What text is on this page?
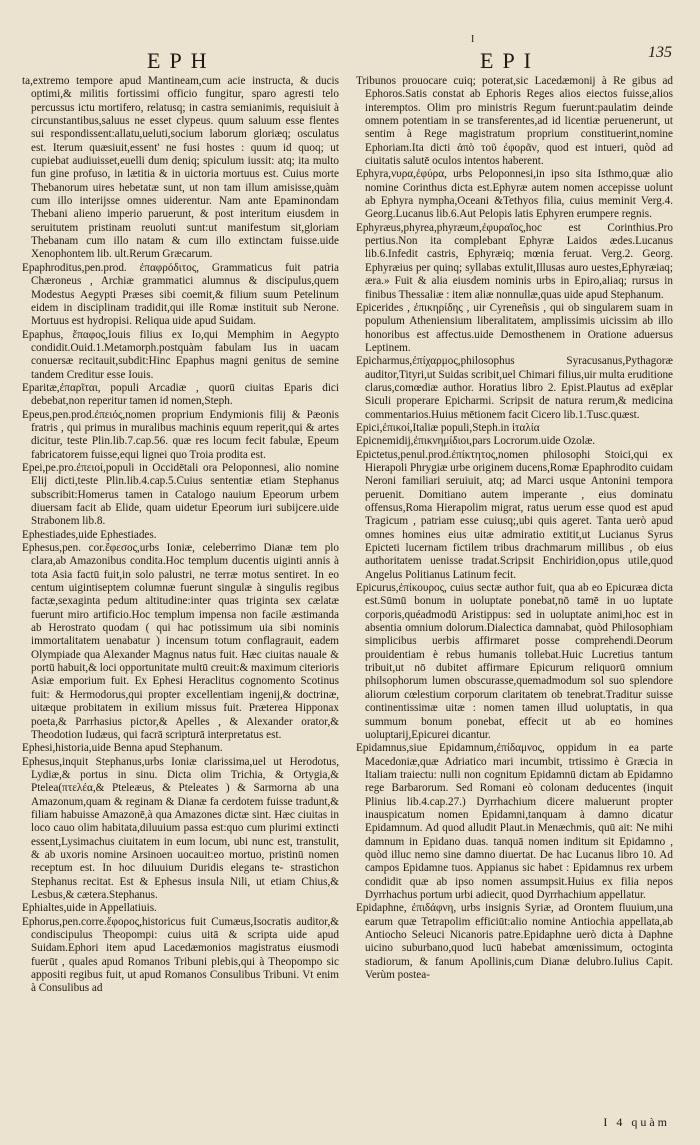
I
EPH	EPI	135

ta,extremo tempore apud Mantineam,cum acie instructa, & ducis optimi,& militis fortissimi officio fungitur, sparo agresti telo percussus ictu mortifero, relatusq; in castra semianimis, requisiuit à circunstantibus,saluus ne esset clypeus. quum saluum esse flentes sui respondissent:allatu,ueluti,socium laborum gloriæq; osculatus est. Iterum quæsiuit,essent' ne fusi hostes : quum id quoq; ut cupiebat audiuisset,euelli dum deniq; spiculum iussit: atq; ita multo fun gine profuso, in lætitia & in uictoria mortuus est. Cuius morte Thebanorum uires hebetatæ sunt, ut non tam illum amisisse,quàm cum illo interijsse omnes uiderentur. Nam ante Epaminondam Thebani alieno imperio paruerunt, & post interitum eiusdem in seruitutem pristinam reuoluti sunt:ut manifestum sit,gloriam Thebanam cum illo natam & cum illo extinctam fuisse.uide Xenophontem lib. ult.Rerum Græcarum.

Epaphroditus,pen.prod. ἐπαφρόδιτος, Grammaticus fuit patria Chæroneus , Archiæ grammatici alumnus & discipulus,quem Modestus Aegypti Præses sibi coemit,& filium suum Petelinum eidem in disciplinam tradidit,qui ille Romæ instituit sub Nerone. Mortuus est hydropisi. Reliqua uide apud Suidam.

Epaphus, ἔπαφος,Iouis filius ex Io,qui Memphim in Aegypto condidit.Ouid.1.Metamorph.postquàm fabulam Ius in uacam conuersæ recitauit,subdit:Hinc Epaphus magni genitus de semine tandem Creditur esse Iouis.

Eparitæ,ἐπαρῖται, populi Arcadiæ , quorū ciuitas Eparis dici debebat,non reperitur tamen id nomen,Steph.

Epeus,pen.prod.ἐπειός,nomen proprium Endymionis filij & Pæonis fratris , qui primus in muralibus machinis equum reperit,qui & artes dicitur, teste Plin.lib.7.cap.56. quæ res locum fecit fabulæ, Epeum fabricatorem fuisse,equi lignei quo Troia prodita est.

Epei,pe.pro.ἐπειοί,populi in Occidētali ora Peloponnesi, alio nomine Elij dicti,teste Plin.lib.4.cap.5.Cuius sententiæ etiam Stephanus subscribit:Homerus tamen in Catalogo nauium Epeorum urbem diuersam facit ab Elide, quam uidetur Epeorum iuri subijcere.uide Strabonem lib.8.

Ephestiades,uide Ephestiades.

Ephesus,pen. cor.ἔφεσος,urbs Ioniæ, celeberrimo Dianæ tem plo clara,ab Amazonibus condita.Hoc templum ducentis uiginti annis à tota Asia factū fuit,in solo palustri, ne terræ motus sentiret. In eo centum uigintiseptem columnæ fuerunt singulæ à singulis regibus factæ,sexaginta pedum altitudine:inter quas triginta sex cælatæ fuerunt miro artificio.Hoc templum impensa non facile æstimanda ab Herostrato quodam ( qui hac potissimum uia sibi nominis immortalitatem uenabatur ) incensum totum conflagrauit, eadem Olympiade qua Alexander Magnus natus fuit. Hæc ciuitas nauale & portū habuit,& loci opportunitate multū creuit:& maximum citerioris Asiæ emporium fuit. Ex Ephesi Heraclitus cognomento Scotinus fuit: & Hermodorus,qui propter excellentiam ingenij,& doctrinæ, uitæque probitatem in exilium missus fuit. Præterea Hipponax poeta,& Parrhasius pictor,& Apelles , & Alexander orator,& Theodotion Iudæus, qui facrā scripturā interpretatus est.

Ephesi,historia,uide Benna apud Stephanum.

Ephesus,inquit Stephanus,urbs Ioniæ clarissima,uel ut Herodotus, Lydiæ,& portus in sinu. Dicta olim Trichia, & Ortygia,& Ptelea(πτελέα,& Pteleæus, & Pteleates ) & Sarmorna ab una Amazonum,quam & reginam & Dianæ fa cerdotem fuisse tradunt,& filiam habuisse Amazonē,à qua Amazones dictæ sint. Hæc ciuitas in loco cauo olim habitata,diluuium passa est:quo cum plurimi extincti essent,Lysimachus ciuitatem in eum locum, ubi nunc est, transtulit, & ab uxoris nomine Arsinoen uocauit:eo mortuo, pristinū nomen receptum est. In hoc diluuium Duridis elegans te- strastichon Stephanus recitat. Est & Ephesus insula Nili, ut etiam Chius,& Lesbus,& cætera.Stephanus.

Ephialtes,uide in Appellatiuis.

Ephorus,pen.corre.ἔφορος,historicus fuit Cumæus,Isocratis auditor,& condiscipulus Theopompi: cuius uitā & scripta uide apud Suidam.Ephori item apud Lacedæmonios magistratus eiusmodi fuerūt , quales apud Romanos Tribuni plebis,qui à Theopompo sic appositi regibus fuit, ut apud Romanos Consulibus Tribuni. Vt enim à Consulibus ad

Tribunos prouocare cuiq; poterat,sic Lacedæmonij à Re gibus ad Ephoros.Satis constat ab Ephoris Reges alios eiectos fuisse,alios interemptos. Olim pro ministris Regum fuerunt:paulatim deinde omnem potentiam in se transferentes,ad id licentiæ peruenerunt, ut sentim à Rege magistratum proprium constituerint,nomine Ephoriam.Ita dicti ἀπὸ τοῦ ἐφορᾶν, quod est intueri, quòd ad ciuitatis salutē oculos intentos haberent.

Ephyra,νυρα,ἐφύρα, urbs Peloponnesi,in ipso sita Isthmo,quæ alio nomine Corinthus dicta est.Ephyræ autem nomen accepisse uolunt ab Ephyra nympha,Oceani &Tethyos filia, cuius meminit Verg.4. Georg.Lucanus lib.6.Aut Pelopis latis Ephyren erumpere regnis.

Ephyræus,phyrea,phyræum,ἐφυραῖος,hoc est Corinthius.Pro pertius.Non ita complebant Ephyræ Laidos ædes.Lucanus lib.6.Infedit castris, Ephyræiq; mœnia feruat. Verg.2. Georg. Ephyræius per quinq; syllabas extulit,Illusas auro uestes,Ephyræiaq; æra.» Fuit & alia eiusdem nominis urbs in Epiro,aliaq; rursus in finibus Thessaliæ : item aliæ nonnullæ,quas uide apud Stephanum.

Epicerides , ἐπικηρίδης , uir Cyreneñsis , qui ob singularem suam in populum Atheniensium liberalitatem, amplissimis uicissim ab illo honoribus est affectus.uide Demosthenem in Oratione aduersus Leptinem.

Epicharmus,ἐπίχαρμος,philosophus Syracusanus,Pythagoræ auditor,Tityri,ut Suidas scribit,uel Chimari filius,uir multa eruditione clarus,comœdiæ author. Horatius libro 2. Epist.Plautus ad exēplar Siculi properare Epicharmi. Scripsit de natura rerum,& medicina commentarios.Huius mētionem facit Cicero lib.1.Tusc.quæst.

Epici,ἐπικοί,Italiæ populi,Steph.in ἰταλία

Epicnemidij,ἐπικνημίδιοι,pars Locrorum.uide Ozolæ.

Epictetus,penul.prod.ἐπίκτητος,nomen philosophi Stoici,qui ex Hierapoli Phrygiæ urbe originem ducens,Romæ Epaphrodito cuidam Neroni familiari seruiuit, atq; ad Marci usque Antonini tempora peruenit. Domitiano autem imperante , eius dominatu offensus,Roma Hierapolim migrat, ratus uerum esse quod est apud Tragicum , patriam esse cuiusq;,ubi quis ageret. Tanta uerò apud omnes homines eius uitæ admiratio extitit,ut Lucianus Syrus Epicteti lucernam fictilem tribus drachmarum millibus , ob eius authoritatem uenisse tradat.Scripsit Enchiridion,opus utile,quod Angelus Politianus Latinum fecit.

Epicurus,ἐπίκουρος, cuius sectæ author fuit, qua ab eo Epicuræa dicta est.Sūmū bonum in uoluptate ponebat,nō tamē in uo luptate corporis,quéadmodū Aristippus: sed in uoluptate animi,hoc est in absentia omnium dolorum.Dialectica damnabat, quòd Philosophiam simplicibus uerbis affirmaret posse comprehendi.Deorum prouidentiam è rebus humanis tollebat.Huic Lucretius tantum tribuit,ut nō dubitet affirmare Epicurum reliquorū omnium philsophorum lumen obscurasse,quemadmodum sol suo splendore aliorum cœlestium corporum claritatem ob tenebrat.Traditur suisse continentissimæ uitæ : nomen tamen illud uoluptatis, in qua summum bonum ponebat, effecit ut ab eo homines uoluptarij,Epicurei dicantur.

Epidamnus,siue Epidamnum,ἐπίδαμνος, oppidum in ea parte Macedoniæ,quæ Adriatico mari incumbit, trtissimo è Græcia in Italiam traiectu: nulli non cognitum Epidamnū dictam ab Epidamno rege Barbarorum. Sed Romani eò colonam deducentes (inquit Plinius lib.4.cap.27.) Dyrrhachium dicere maluerunt propter inauspicatum nomen Epidamni,tanquam à damno dicatur Epidamnum. Ad quod alludit Plaut.in Menæchmis, quū ait: Ne mihi damnum in Epidano duas. tanquā nomen inditum sit Epidamno , quòd illuc nemo sine damno diuertat. De hac Lucanus libro 10. Ad campos Epidamne tuos. Appianus sic habet : Epidamnus rex urbem condidit quæ ab ipso nomen assumpsit.Huius ex filia nepos Dyrrhachus portum urbi adiecit, quod Dyrrhachium appellatur.

Epidaphne, ἐπιδάφνη, urbs insignis Syriæ, ad Orontem fluuium,una earum quæ Tetrapolim efficiūt:alio nomine Antiochia appellata,ab Antiocho Seleuci Nicanoris patre.Epidaphne uerò dicta à Daphne uicino suburbano,quod lucū habebat amœnissimum, octoginta stadiorum, & fanum Apollinis,cum Dianæ delubro.Iulius Capit. Verùm postea-

I 4 quàm
